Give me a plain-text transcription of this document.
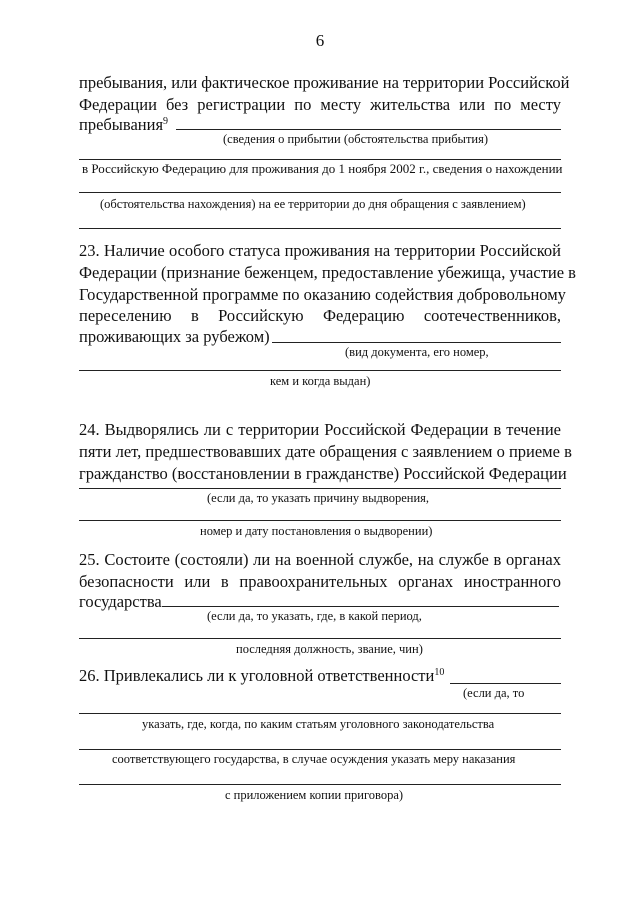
6
пребывания, или фактическое проживание на территории Российской
Федерации без регистрации по месту жительства или по месту
пребывания$^9$
(сведения о прибытии (обстоятельства прибытия)
в Российскую Федерацию для проживания до 1 ноября 2002 г., сведения о нахождении
(обстоятельства нахождения) на ее территории до дня обращения с заявлением)
23. Наличие особого статуса проживания на территории Российской
Федерации (признание беженцем, предоставление убежища, участие в
Государственной программе по оказанию содействия добровольному
переселению в Российскую Федерацию соотечественников,
проживающих за рубежом)
(вид документа, его номер,
кем и когда выдан)
24. Выдворялись ли с территории Российской Федерации в течение
пяти лет, предшествовавших дате обращения с заявлением о приеме в
гражданство (восстановлении в гражданстве) Российской Федерации
(если да, то указать причину выдворения,
номер и дату постановления о выдворении)
25. Состоите (состояли) ли на военной службе, на службе в органах
безопасности или в правоохранительных органах иностранного
государства
(если да, то указать, где, в какой период,
последняя должность, звание, чин)
26. Привлекались ли к уголовной ответственности$^{10}$
(если да, то
указать, где, когда, по каким статьям уголовного законодательства
соответствующего государства, в случае осуждения указать меру наказания
с приложением копии приговора)
